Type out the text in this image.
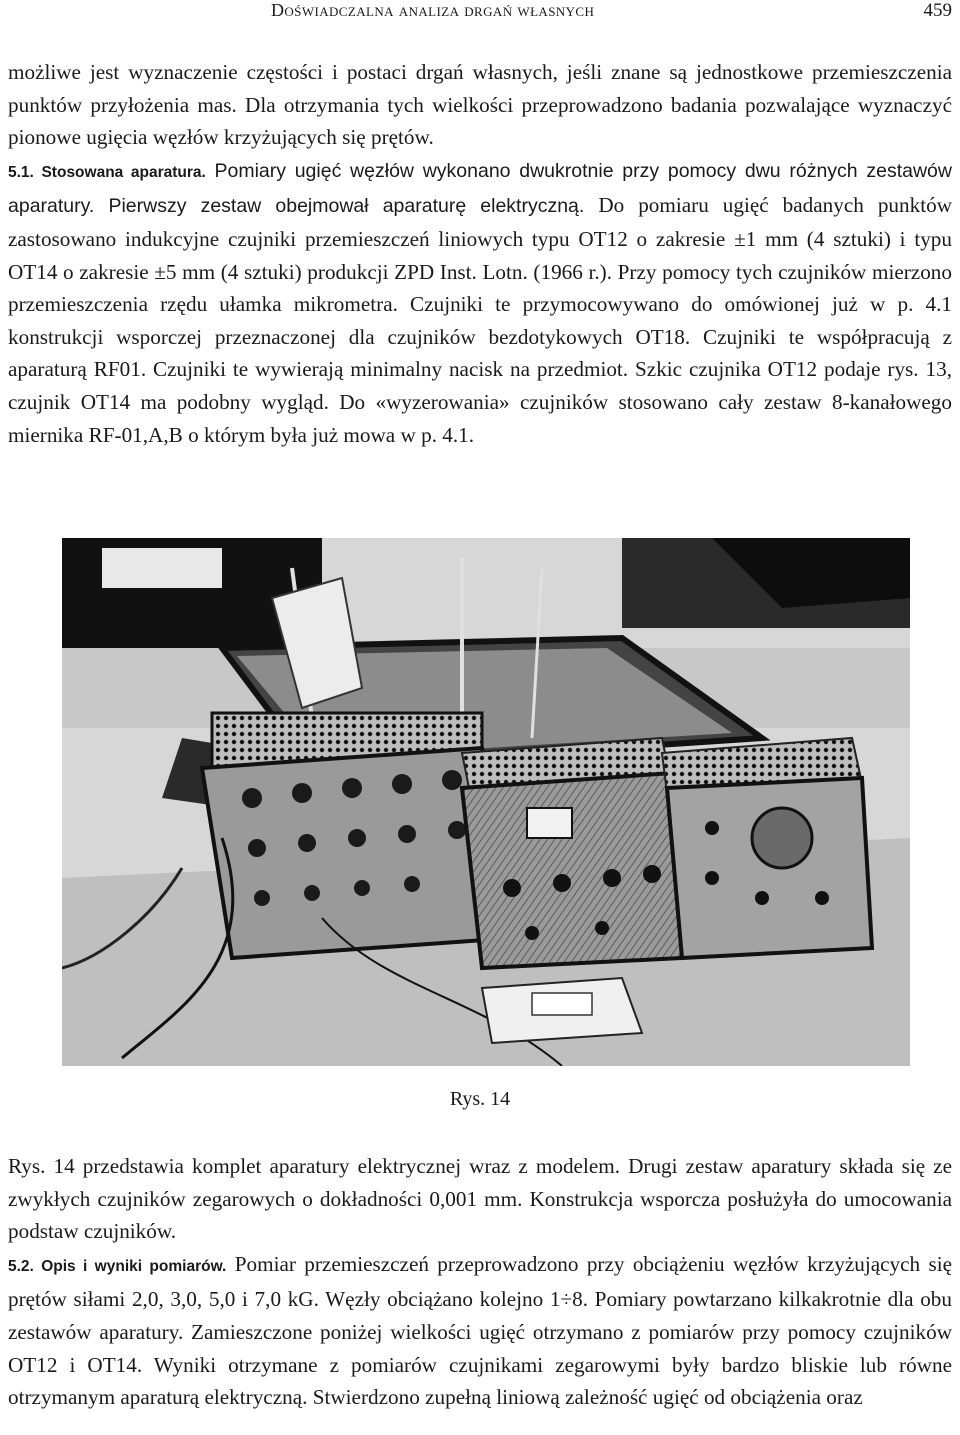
Doświadczalna analiza drgań własnych	459

możliwe jest wyznaczenie częstości i postaci drgań własnych, jeśli znane są jednostkowe przemieszczenia punktów przyłożenia mas. Dla otrzymania tych wielkości przeprowadzono badania pozwalające wyznaczyć pionowe ugięcia węzłów krzyżujących się prętów.

5.1. Stosowana aparatura. Pomiary ugięć węzłów wykonano dwukrotnie przy pomocy dwu różnych zestawów aparatury. Pierwszy zestaw obejmował aparaturę elektryczną. Do pomiaru ugięć badanych punktów zastosowano indukcyjne czujniki przemieszczeń liniowych typu OT12 o zakresie ±1 mm (4 sztuki) i typu OT14 o zakresie ±5 mm (4 sztuki) produkcji ZPD Inst. Lotn. (1966 r.). Przy pomocy tych czujników mierzono przemieszczenia rzędu ułamka mikrometra. Czujniki te przymocowywano do omówionej już w p. 4.1 konstrukcji wsporczej przeznaczonej dla czujników bezdotykowych OT18. Czujniki te współpracują z aparaturą RF01. Czujniki te wywierają minimalny nacisk na przedmiot. Szkic czujnika OT12 podaje rys. 13, czujnik OT14 ma podobny wygląd. Do «wyzerowania» czujników stosowano cały zestaw 8-kanałowego miernika RF-01,A,B o którym była już mowa w p. 4.1.

Rys. 14

Rys. 14 przedstawia komplet aparatury elektrycznej wraz z modelem. Drugi zestaw aparatury składa się ze zwykłych czujników zegarowych o dokładności 0,001 mm. Konstrukcja wsporcza posłużyła do umocowania podstaw czujników.

5.2. Opis i wyniki pomiarów. Pomiar przemieszczeń przeprowadzono przy obciążeniu węzłów krzyżujących się prętów siłami 2,0, 3,0, 5,0 i 7,0 kG. Węzły obciążano kolejno 1÷8. Pomiary powtarzano kilkakrotnie dla obu zestawów aparatury. Zamieszczone poniżej wielkości ugięć otrzymano z pomiarów przy pomocy czujników OT12 i OT14. Wyniki otrzymane z pomiarów czujnikami zegarowymi były bardzo bliskie lub równe otrzymanym aparaturą elektryczną. Stwierdzono zupełną liniową zależność ugięć od obciążenia oraz
